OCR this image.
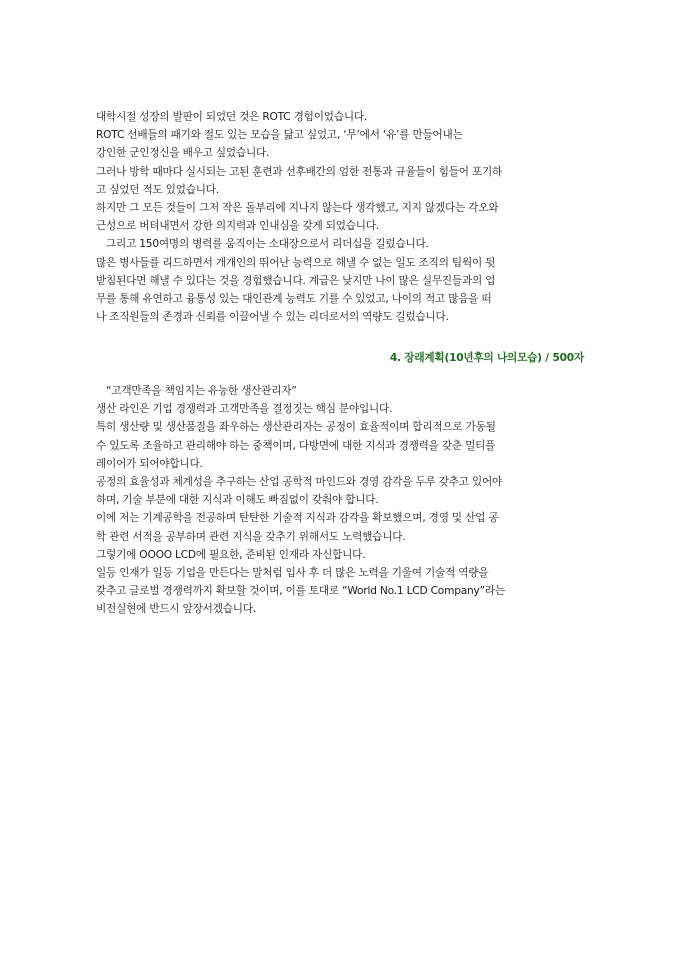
대학시절 성장의 발판이 되었던 것은 ROTC 경험이었습니다.
ROTC 선배들의 패기와 절도 있는 모습을 닮고 싶었고, ‘무’에서 ‘유’를 만들어내는
강인한 군인정신을 배우고 싶었습니다.
그러나 방학 때마다 실시되는 고된 훈련과 선후배간의 엄한 전통과 규율들이 힘들어 포기하
고 싶었던 적도 있었습니다.
하지만 그 모든 것들이 그저 작은 돌부리에 지나지 않는다 생각했고, 지지 않겠다는 각오와
근성으로 버텨내면서 강한 의지력과 인내심을 갖게 되었습니다.
그리고 150여명의 병력를 움직이는 소대장으로서 리더십을 길렀습니다.
많은 병사들를 리드하면서 개개인의 뛰어난 능력으로 해낼 수 없는 일도 조직의 팀웍이 뒷
받침된다면 해낼 수 있다는 것을 경험했습니다. 계급은 낮지만 나이 많은 실무진들과의 업
무를 통해 유연하고 융통성 있는 대인관계 능력도 기를 수 있었고, 나이의 적고 많음을 떠
나 조직원들의 존경과 신뢰를 이끌어낼 수 있는 리더로서의 역량도 길렀습니다.

4. 장래계획(10년후의 나의모습) / 500자

“고객만족을 책임지는 유능한 생산관리자”
생산 라인은 기업 경쟁력과 고객만족을 결정짓는 핵심 분야입니다.
특히 생산량 및 생산품질을 좌우하는 생산관리자는 공정이 효율적이며 합리적으로 가동될
수 있도록 조율하고 관리해야 하는 중책이며, 다방면에 대한 지식과 경쟁력을 갖춘 멀티플
레이어가 되어야합니다.
공정의 효율성과 체계성을 추구하는 산업 공학적 마인드와 경영 감각을 두루 갖추고 있어야
하며, 기술 부분에 대한 지식과 이해도 빠짐없이 갖춰야 합니다.
이에 저는 기계공학을 전공하며 탄탄한 기술적 지식과 감각을 확보했으며, 경영 및 산업 공
학 관련 서적을 공부하며 관련 지식을 갖추기 위해서도 노력했습니다.
그렇기에 OOOO LCD에 필요한, 준비된 인재라 자신합니다.
일등 인재가 일등 기업을 만든다는 말처럼 입사 후 더 많은 노력을 기울여 기술적 역량을
갖추고 글로벌 경쟁력까지 확보할 것이며, 이를 토대로 “World No.1 LCD Company”라는
비전실현에 반드시 앞장서겠습니다.
